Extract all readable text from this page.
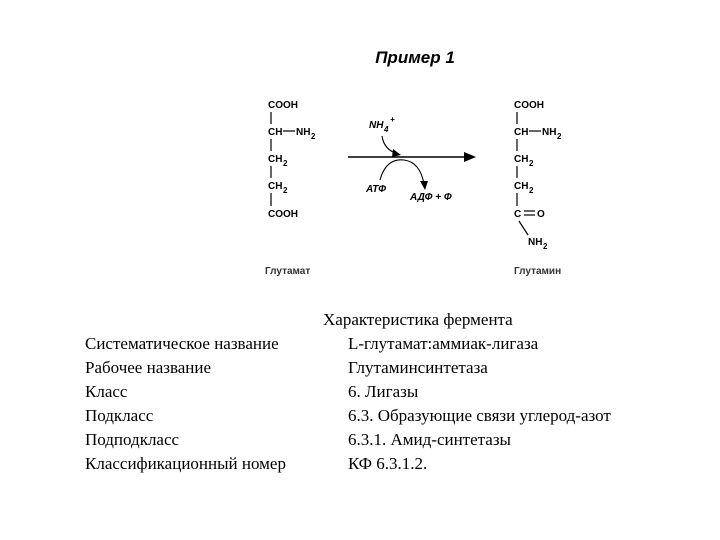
Пример 1
COOH
CH NH 2
CH 2
CH 2
COOH
Глутамат
NH 4
+
АТФ
АДФ + Ф
COOH
CH NH 2
CH 2
CH 2
C O
NH 2
Глутамин
Характеристика фермента
Систематическое название	L-глутамат:аммиак-лигаза
Рабочее название	Глутаминсинтетаза
Класс	6. Лигазы
Подкласс	6.3. Образующие связи углерод-азот
Подподкласс	6.3.1. Амид-синтетазы
Классификационный номер	КФ 6.3.1.2.
